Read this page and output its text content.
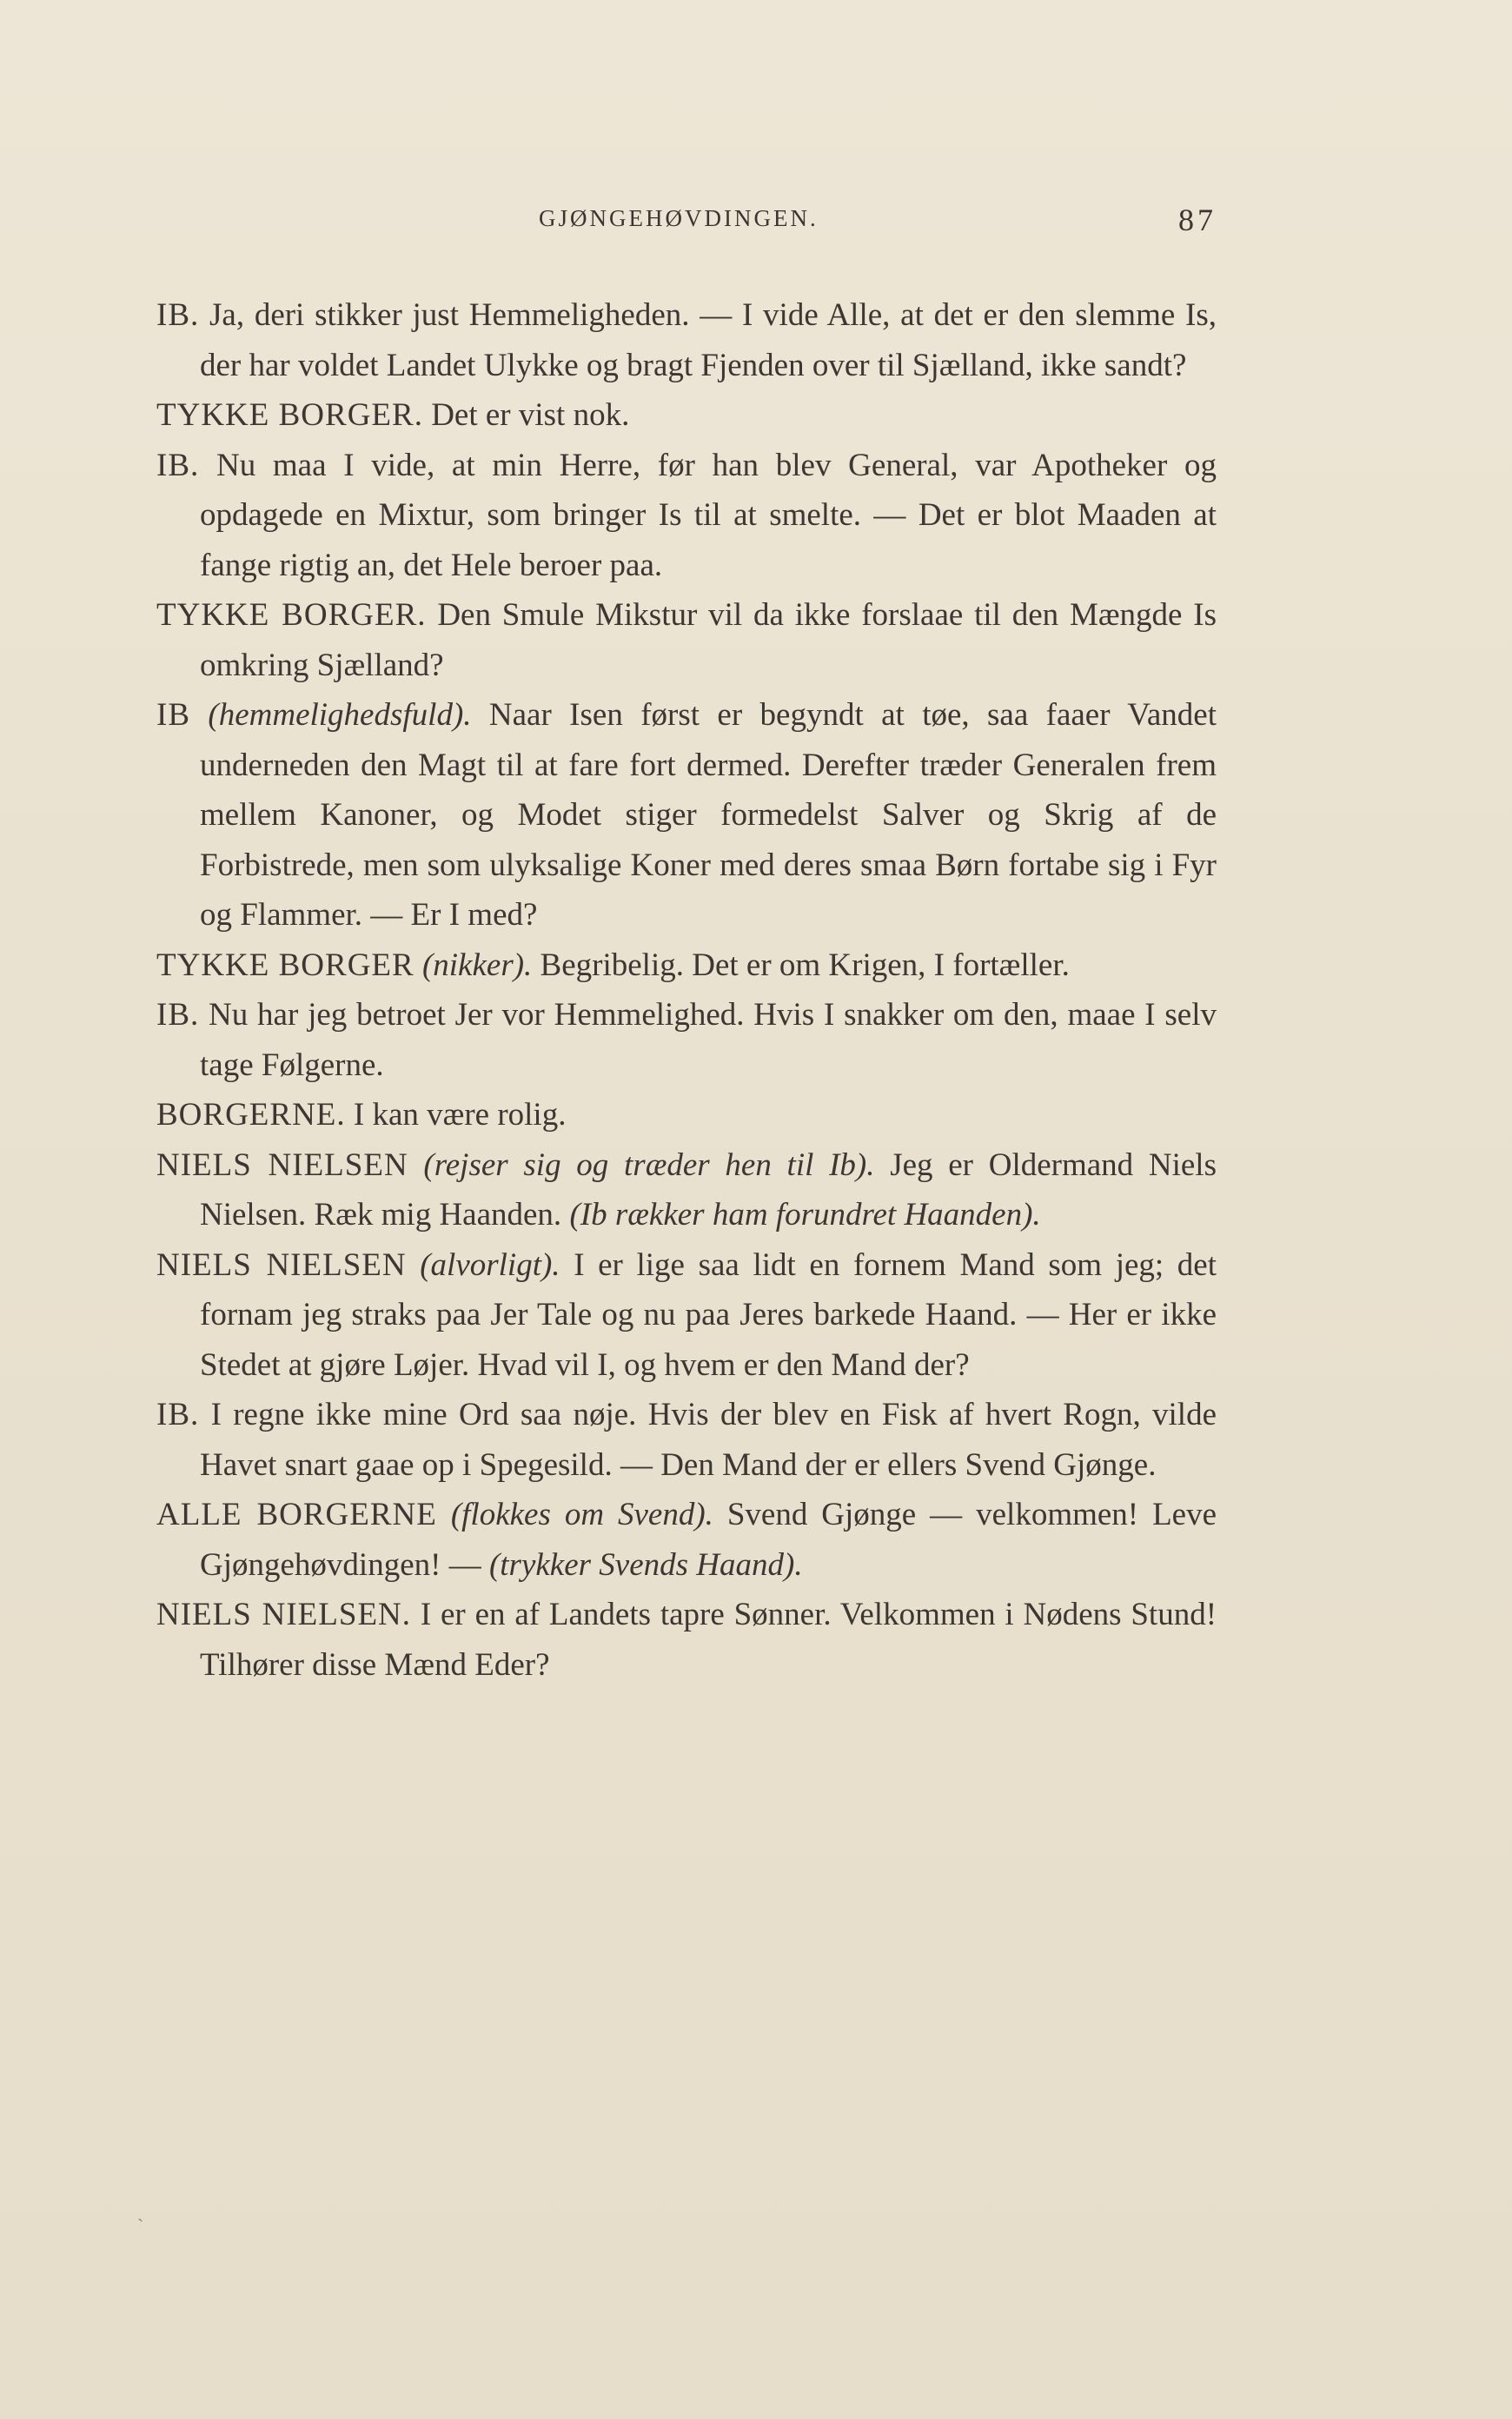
GJØNGEHØVDINGEN.	87

IB. Ja, deri stikker just Hemmeligheden. — I vide Alle, at det er den slemme Is, der har voldet Landet Ulykke og bragt Fjenden over til Sjælland, ikke sandt?

TYKKE BORGER. Det er vist nok.

IB. Nu maa I vide, at min Herre, før han blev General, var Apotheker og opdagede en Mixtur, som bringer Is til at smelte. — Det er blot Maaden at fange rigtig an, det Hele beroer paa.

TYKKE BORGER. Den Smule Mikstur vil da ikke forslaae til den Mængde Is omkring Sjælland?

IB (hemmelighedsfuld). Naar Isen først er begyndt at tøe, saa faaer Vandet underneden den Magt til at fare fort dermed. Derefter træder Generalen frem mellem Kanoner, og Modet stiger formedelst Salver og Skrig af de Forbistrede, men som ulyksalige Koner med deres smaa Børn fortabe sig i Fyr og Flammer. — Er I med?

TYKKE BORGER (nikker). Begribelig. Det er om Krigen, I fortæller.

IB. Nu har jeg betroet Jer vor Hemmelighed. Hvis I snakker om den, maae I selv tage Følgerne.

BORGERNE. I kan være rolig.

NIELS NIELSEN (rejser sig og træder hen til Ib). Jeg er Oldermand Niels Nielsen. Ræk mig Haanden. (Ib rækker ham forundret Haanden).

NIELS NIELSEN (alvorligt). I er lige saa lidt en fornem Mand som jeg; det fornam jeg straks paa Jer Tale og nu paa Jeres barkede Haand. — Her er ikke Stedet at gjøre Løjer. Hvad vil I, og hvem er den Mand der?

IB. I regne ikke mine Ord saa nøje. Hvis der blev en Fisk af hvert Rogn, vilde Havet snart gaae op i Spegesild. — Den Mand der er ellers Svend Gjønge.

ALLE BORGERNE (flokkes om Svend). Svend Gjønge — velkommen! Leve Gjøngehøvdingen! — (trykker Svends Haand).

NIELS NIELSEN. I er en af Landets tapre Sønner. Velkommen i Nødens Stund! Tilhører disse Mænd Eder?

ˋ
